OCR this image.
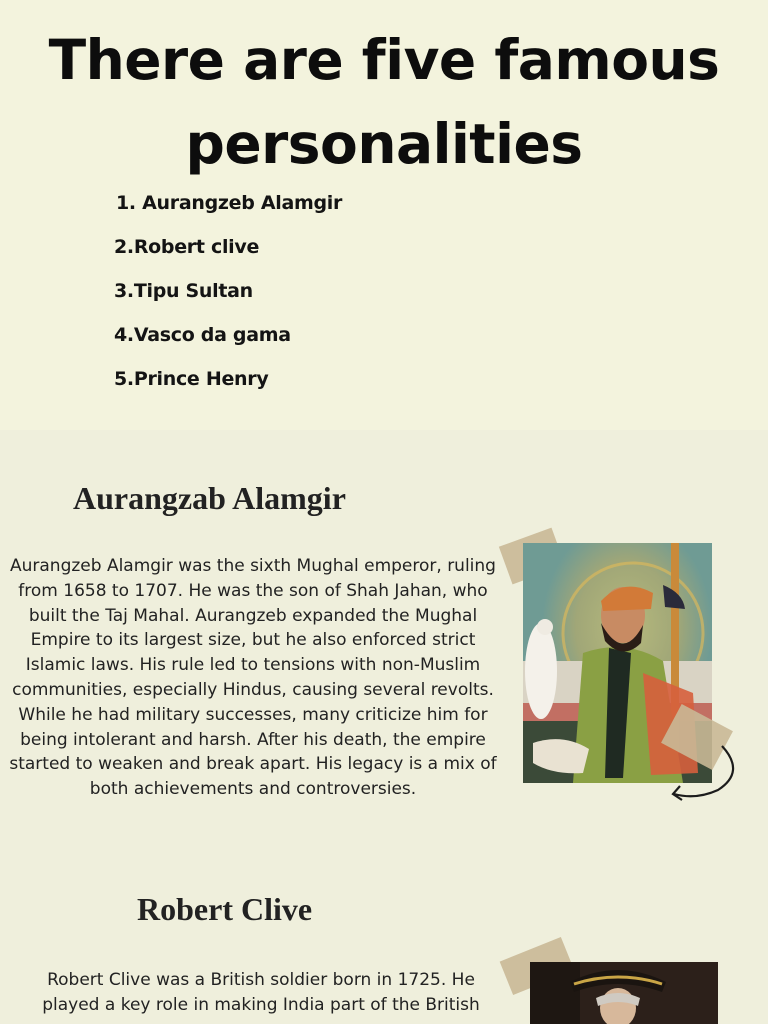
There are five famous personalities
1. Aurangzeb Alamgir
2.Robert clive
3.Tipu Sultan
4.Vasco da gama
5.Prince Henry
Aurangzab Alamgir

Aurangzeb Alamgir was the sixth Mughal emperor, ruling from 1658 to 1707. He was the son of Shah Jahan, who built the Taj Mahal. Aurangzeb expanded the Mughal Empire to its largest size, but he also enforced strict Islamic laws. His rule led to tensions with non-Muslim communities, especially Hindus, causing several revolts. While he had military successes, many criticize him for being intolerant and harsh. After his death, the empire started to weaken and break apart. His legacy is a mix of both achievements and controversies.

Robert Clive

Robert Clive was a British soldier born in 1725. He played a key role in making India part of the British
